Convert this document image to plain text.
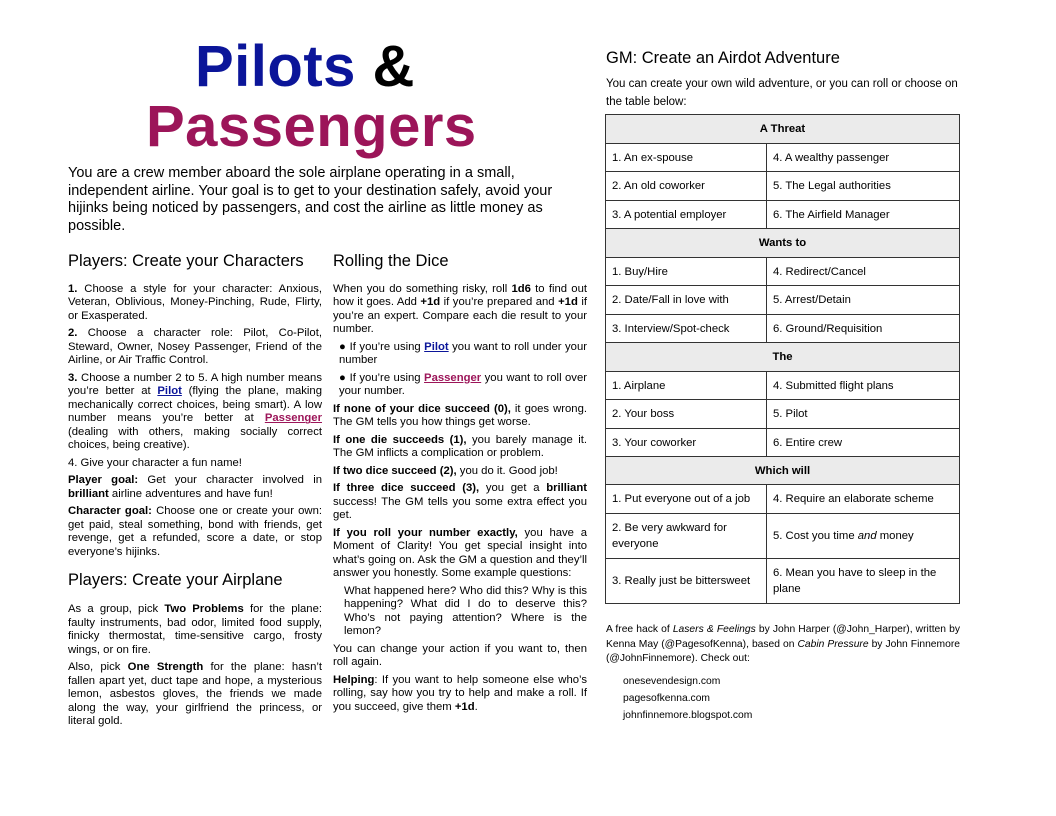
Pilots &
Passengers
You are a crew member aboard the sole airplane operating in a small, independent airline. Your goal is to get to your destination safely, avoid your hijinks being noticed by passengers, and cost the airline as little money as possible.
Players: Create your Characters

1. Choose a style for your character: Anxious, Veteran, Oblivious, Money-Pinching, Rude, Flirty, or Exasperated.

2. Choose a character role: Pilot, Co-Pilot, Steward, Owner, Nosey Passenger, Friend of the Airline, or Air Traffic Control.

3. Choose a number 2 to 5. A high number means you’re better at Pilot (flying the plane, making mechanically correct choices, being smart). A low number means you’re better at Passenger (dealing with others, making socially correct choices, being creative).

4. Give your character a fun name!

Player goal: Get your character involved in brilliant airline adventures and have fun!

Character goal: Choose one or create your own: get paid, steal something, bond with friends, get revenge, get a refunded, score a date, or stop everyone’s hijinks.

Players: Create your Airplane

As a group, pick Two Problems for the plane: faulty instruments, bad odor, limited food supply, finicky thermostat, time-sensitive cargo, frosty wings, or on fire.

Also, pick One Strength for the plane: hasn’t fallen apart yet, duct tape and hope, a mysterious lemon, asbestos gloves, the friends we made along the way, your girlfriend the princess, or literal gold.

Rolling the Dice

When you do something risky, roll 1d6 to find out how it goes. Add +1d if you’re prepared and +1d if you’re an expert. Compare each die result to your number.

● If you’re using Pilot you want to roll under your number

● If you’re using Passenger you want to roll over your number.

If none of your dice succeed (0), it goes wrong. The GM tells you how things get worse.

If one die succeeds (1), you barely manage it. The GM inflicts a complication or problem.

If two dice succeed (2), you do it. Good job!

If three dice succeed (3), you get a brilliant success! The GM tells you some extra effect you get.

If you roll your number exactly, you have a Moment of Clarity! You get special insight into what’s going on. Ask the GM a question and they’ll answer you honestly. Some example questions:

What happened here? Who did this? Why is this happening? What did I do to deserve this? Who’s not paying attention? Where is the lemon?

You can change your action if you want to, then roll again.

Helping: If you want to help someone else who’s rolling, say how you try to help and make a roll. If you succeed, give them +1d.

GM: Create an Airdot Adventure
You can create your own wild adventure, or you can roll or choose on the table below:
A Threat	
1. An ex-spouse	4. A wealthy passenger
2. An old coworker	5. The Legal authorities
3. A potential employer	6. The Airfield Manager
Wants to	
1. Buy/Hire	4. Redirect/Cancel
2. Date/Fall in love with	5. Arrest/Detain
3. Interview/Spot-check	6. Ground/Requisition
The	
1. Airplane	4. Submitted flight plans
2. Your boss	5. Pilot
3. Your coworker	6. Entire crew
Which will	
1. Put everyone out of a job	4. Require an elaborate scheme
2. Be very awkward for everyone	5. Cost you time and money
3. Really just be bittersweet	6. Mean you have to sleep in the plane
A free hack of Lasers & Feelings by John Harper (@John_Harper), written by Kenna May (@PagesofKenna), based on Cabin Pressure by John Finnemore (@JohnFinnemore). Check out:
onesevendesign.com
pagesofkenna.com
johnfinnemore.blogspot.com
